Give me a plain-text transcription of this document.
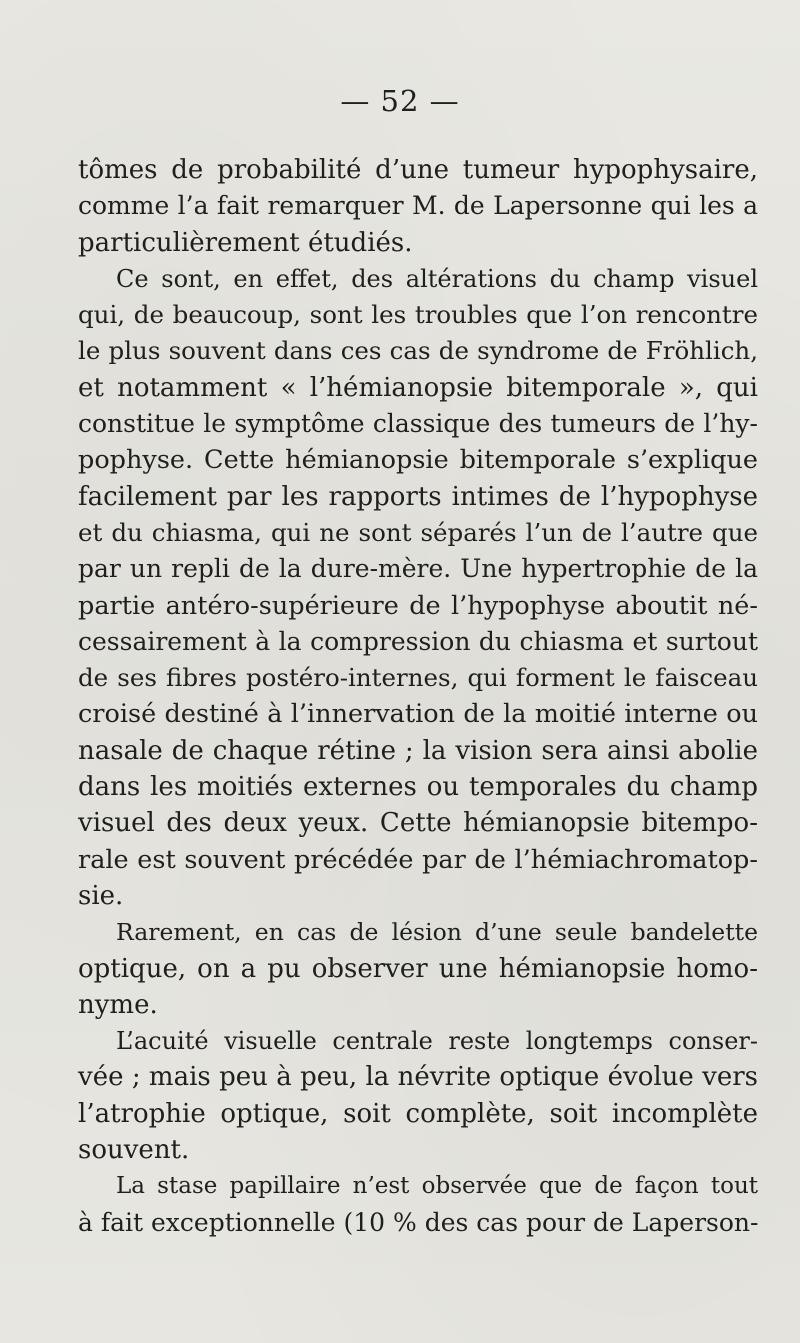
— 52 —
tômes de probabilité d’une tumeur hypophysaire,
comme l’a fait remarquer M. de Lapersonne qui les a
particulièrement étudiés.
Ce sont, en effet, des altérations du champ visuel
qui, de beaucoup, sont les troubles que l’on rencontre
le plus souvent dans ces cas de syndrome de Fröhlich,
et notamment « l’hémianopsie bitemporale », qui
constitue le symptôme classique des tumeurs de l’hy-
pophyse. Cette hémianopsie bitemporale s’explique
facilement par les rapports intimes de l’hypophyse
et du chiasma, qui ne sont séparés l’un de l’autre que
par un repli de la dure-mère. Une hypertrophie de la
partie antéro-supérieure de l’hypophyse aboutit né-
cessairement à la compression du chiasma et surtout
de ses fibres postéro-internes, qui forment le faisceau
croisé destiné à l’innervation de la moitié interne ou
nasale de chaque rétine ; la vision sera ainsi abolie
dans les moitiés externes ou temporales du champ
visuel des deux yeux. Cette hémianopsie bitempo-
rale est souvent précédée par de l’hémiachromatop-
sie.
Rarement, en cas de lésion d’une seule bandelette
optique, on a pu observer une hémianopsie homo-
nyme.
L’acuité visuelle centrale reste longtemps conser-
vée ; mais peu à peu, la névrite optique évolue vers
l’atrophie optique, soit complète, soit incomplète
souvent.
La stase papillaire n’est observée que de façon tout
à fait exceptionnelle (10 % des cas pour de Laperson-
